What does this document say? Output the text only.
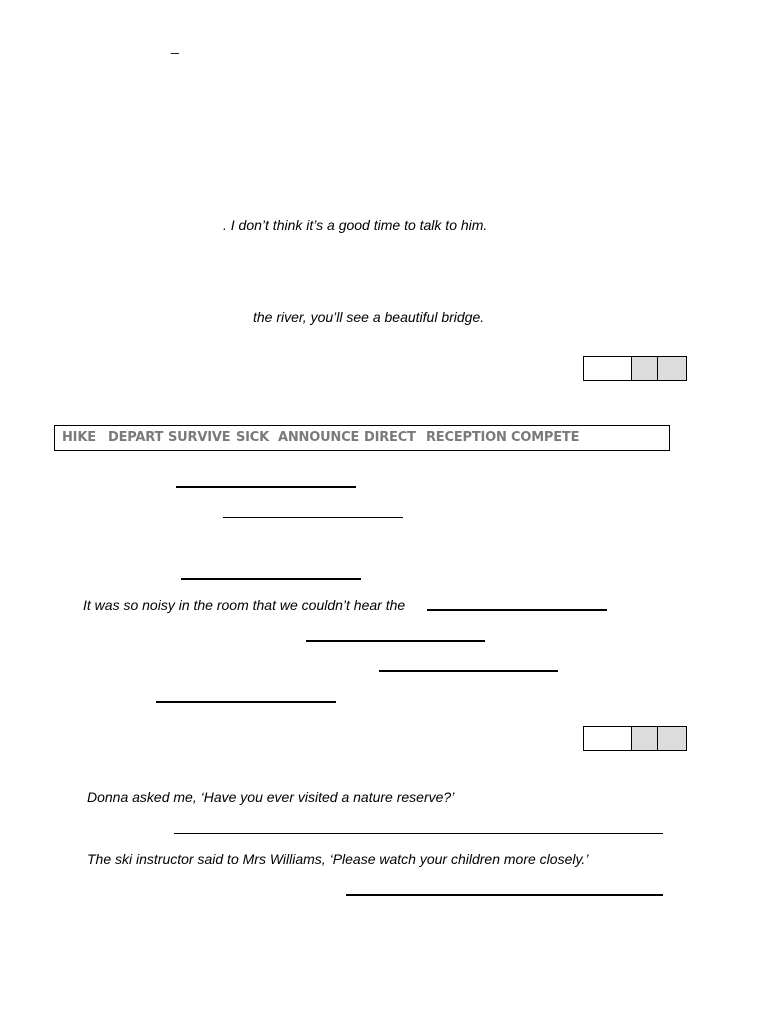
_
. I don’t think it’s a good time to talk to him.
the river, you’ll see a beautiful bridge.
HIKE DEPART SURVIVE SICK ANNOUNCE DIRECT RECEPTION COMPETE
It was so noisy in the room that we couldn’t hear the
Donna asked me, ‘Have you ever visited a nature reserve?’
The ski instructor said to Mrs Williams, ‘Please watch your children more closely.’
